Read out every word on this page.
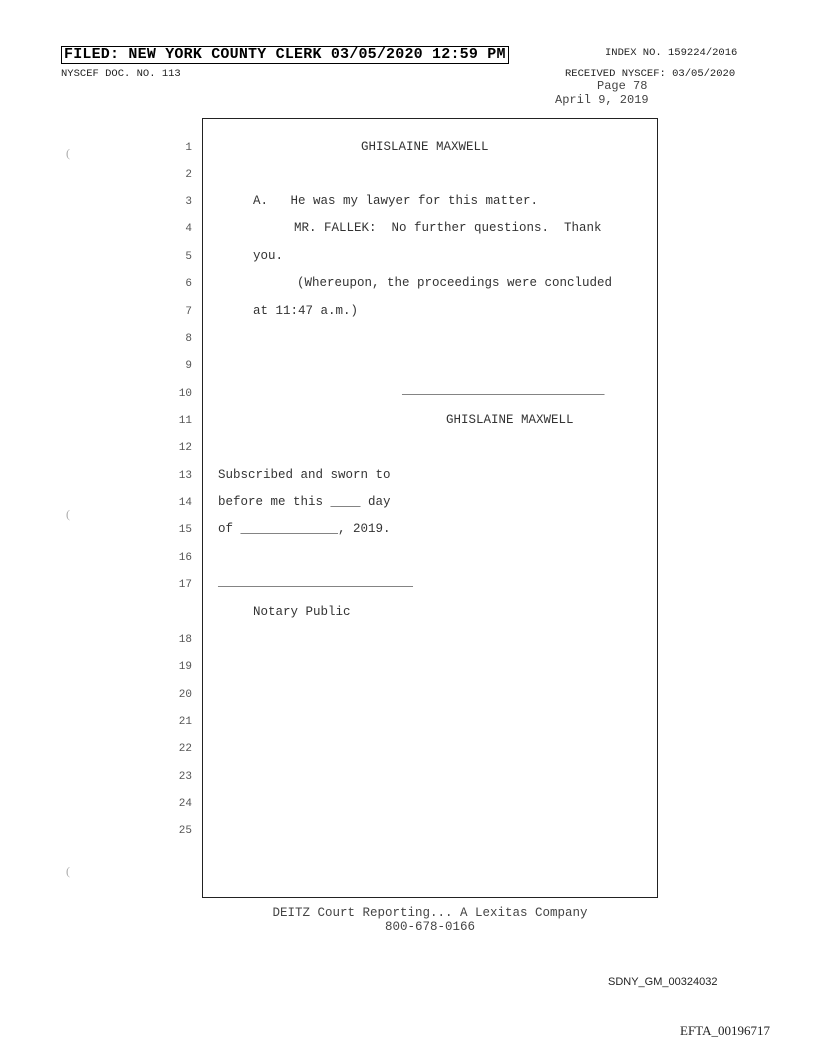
FILED: NEW YORK COUNTY CLERK 03/05/2020 12:59 PM
NYSCEF DOC. NO. 113
INDEX NO. 159224/2016
RECEIVED NYSCEF: 03/05/2020
Page 78
April 9, 2019
(
(
(
1
2
3
4
5
6
7
8
9
10
11
12
13
14
15
16
17
18
19
20
21
22
23
24
25
GHISLAINE MAXWELL
A.   He was my lawyer for this matter.
MR. FALLEK:  No further questions.  Thank
you.
(Whereupon, the proceedings were concluded
at 11:47 a.m.)
___________________________
GHISLAINE MAXWELL
Subscribed and sworn to
before me this ____ day
of _____________, 2019.
__________________________
Notary Public
DEITZ Court Reporting... A Lexitas Company
800-678-0166
SDNY_GM_00324032
EFTA_00196717
